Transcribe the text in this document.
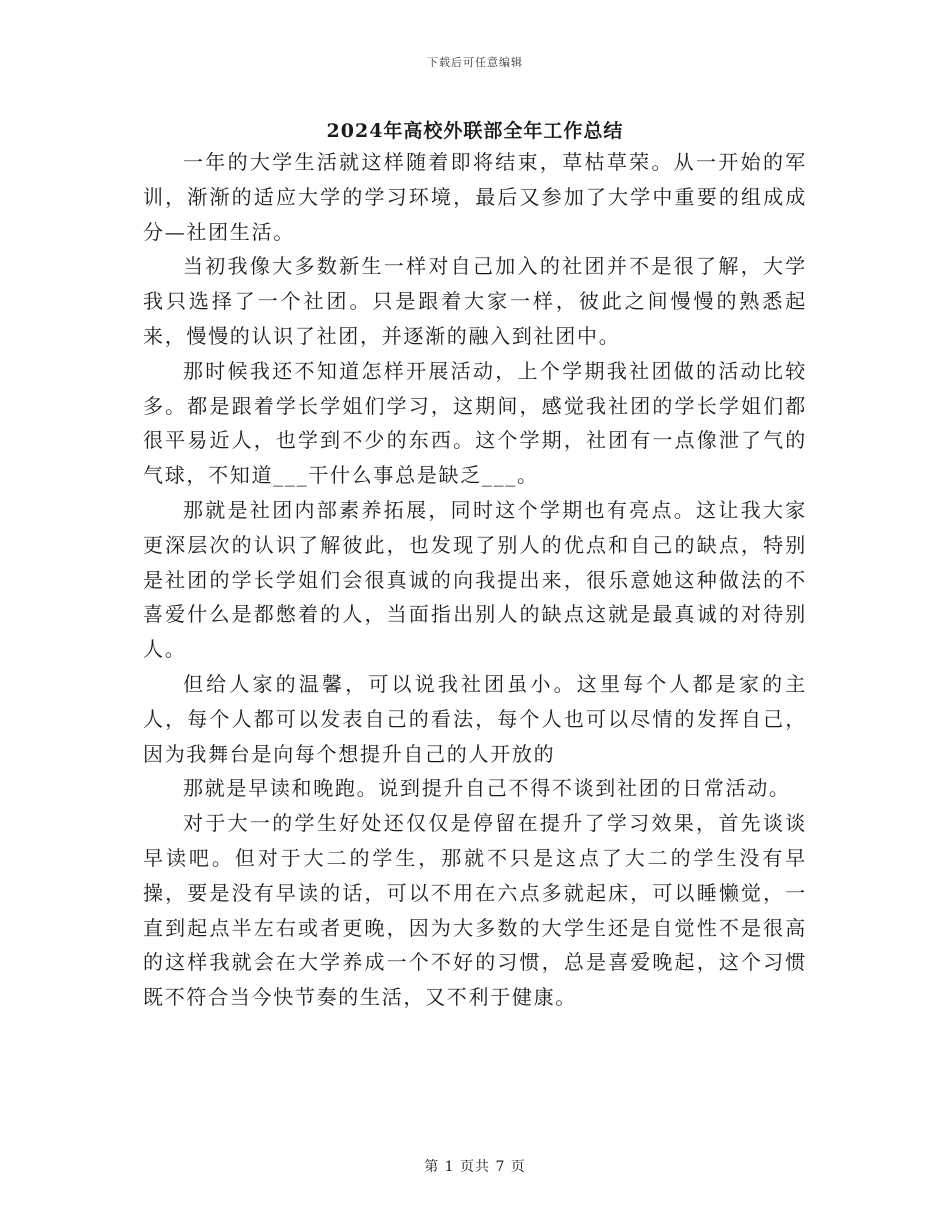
下载后可任意编辑
2024年高校外联部全年工作总结

一年的大学生活就这样随着即将结束，草枯草荣。从一开始的军训，渐渐的适应大学的学习环境，最后又参加了大学中重要的组成成分—社团生活。

当初我像大多数新生一样对自己加入的社团并不是很了解，大学我只选择了一个社团。只是跟着大家一样，彼此之间慢慢的熟悉起来，慢慢的认识了社团，并逐渐的融入到社团中。

那时候我还不知道怎样开展活动，上个学期我社团做的活动比较多。都是跟着学长学姐们学习，这期间，感觉我社团的学长学姐们都很平易近人，也学到不少的东西。这个学期，社团有一点像泄了气的气球，不知道___干什么事总是缺乏___。

那就是社团内部素养拓展，同时这个学期也有亮点。这让我大家更深层次的认识了解彼此，也发现了别人的优点和自己的缺点，特别是社团的学长学姐们会很真诚的向我提出来，很乐意她这种做法的不喜爱什么是都憋着的人，当面指出别人的缺点这就是最真诚的对待别人。

但给人家的温馨，可以说我社团虽小。这里每个人都是家的主人，每个人都可以发表自己的看法，每个人也可以尽情的发挥自己，因为我舞台是向每个想提升自己的人开放的

那就是早读和晚跑。说到提升自己不得不谈到社团的日常活动。

对于大一的学生好处还仅仅是停留在提升了学习效果，首先谈谈早读吧。但对于大二的学生，那就不只是这点了大二的学生没有早操，要是没有早读的话，可以不用在六点多就起床，可以睡懒觉，一直到起点半左右或者更晚，因为大多数的大学生还是自觉性不是很高的这样我就会在大学养成一个不好的习惯，总是喜爱晚起，这个习惯既不符合当今快节奏的生活，又不利于健康。

第 1 页共 7 页
